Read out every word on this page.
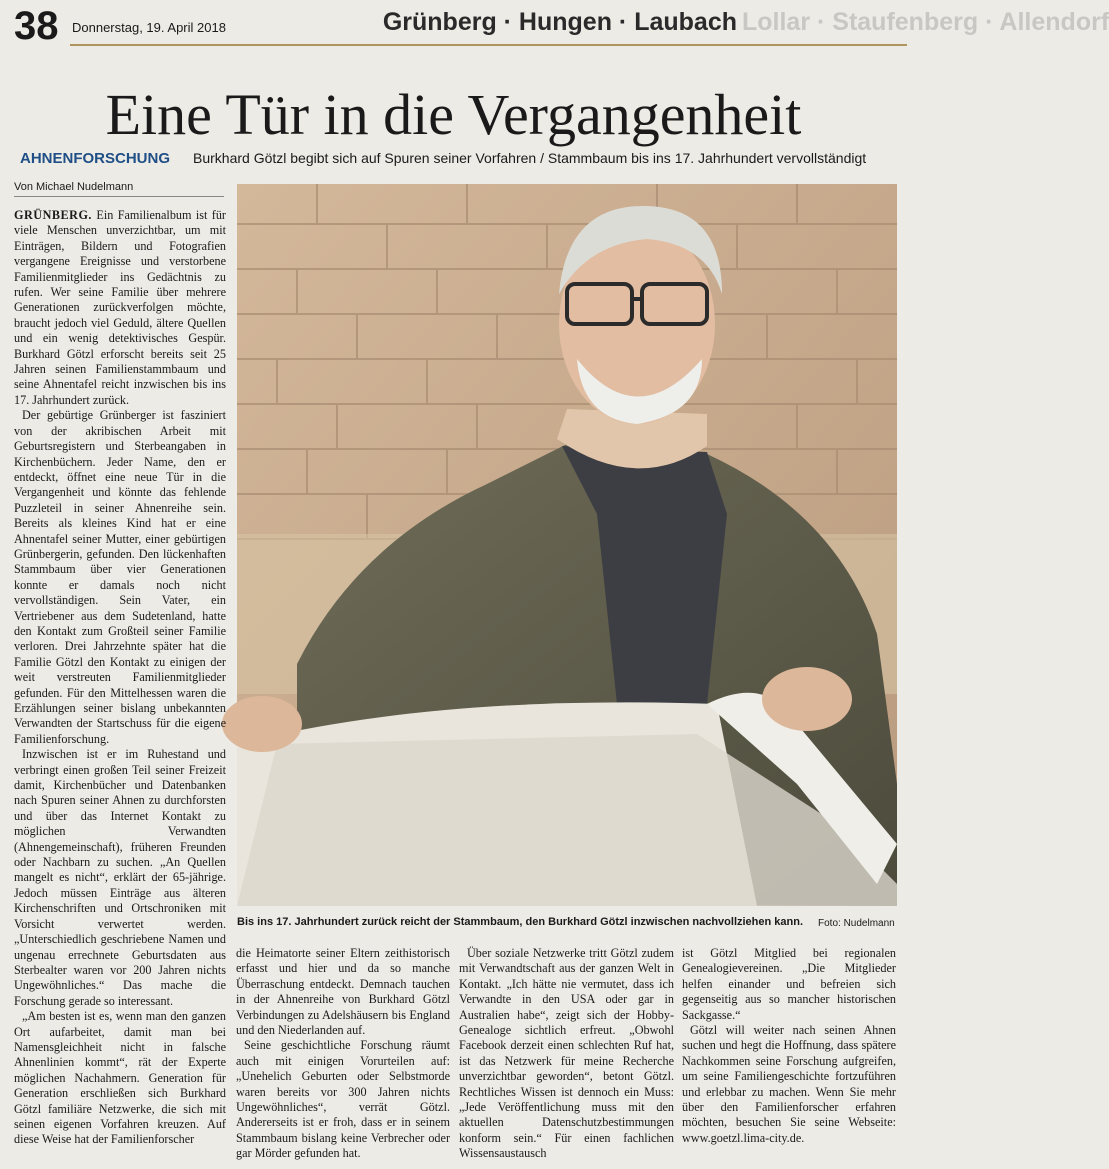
38 Donnerstag, 19. April 2018	Grünberg · Hungen · Laubach Lollar · Staufenberg · Allendorf
Eine Tür in die Vergangenheit
AHNENFORSCHUNG Burkhard Götzl begibt sich auf Spuren seiner Vorfahren / Stammbaum bis ins 17. Jahrhundert vervollständigt
Von Michael Nudelmann
Bis ins 17. Jahrhundert zurück reicht der Stammbaum, den Burkhard Götzl inzwischen nachvollziehen kann. Foto: Nudelmann

GRÜNBERG. Ein Familienalbum ist für viele Menschen unverzichtbar, um mit Einträgen, Bildern und Fotografien vergangene Ereignisse und verstorbene Familienmitglieder ins Gedächtnis zu rufen. Wer seine Familie über mehrere Generationen zurückverfolgen möchte, braucht jedoch viel Geduld, ältere Quellen und ein wenig detektivisches Gespür. Burkhard Götzl erforscht bereits seit 25 Jahren seinen Familienstammbaum und seine Ahnentafel reicht inzwischen bis ins 17. Jahrhundert zurück.

Der gebürtige Grünberger ist fasziniert von der akribischen Arbeit mit Geburtsregistern und Sterbeangaben in Kirchenbüchern. Jeder Name, den er entdeckt, öffnet eine neue Tür in die Vergangenheit und könnte das fehlende Puzzleteil in seiner Ahnenreihe sein. Bereits als kleines Kind hat er eine Ahnentafel seiner Mutter, einer gebürtigen Grünbergerin, gefunden. Den lückenhaften Stammbaum über vier Generationen konnte er damals noch nicht vervollständigen. Sein Vater, ein Vertriebener aus dem Sudetenland, hatte den Kontakt zum Großteil seiner Familie verloren. Drei Jahrzehnte später hat die Familie Götzl den Kontakt zu einigen der weit verstreuten Familienmitglieder gefunden. Für den Mittelhessen waren die Erzählungen seiner bislang unbekannten Verwandten der Startschuss für die eigene Familienforschung.

Inzwischen ist er im Ruhestand und verbringt einen großen Teil seiner Freizeit damit, Kirchenbücher und Datenbanken nach Spuren seiner Ahnen zu durchforsten und über das Internet Kontakt zu möglichen Verwandten (Ahnengemeinschaft), früheren Freunden oder Nachbarn zu suchen. „An Quellen mangelt es nicht“, erklärt der 65-jährige. Jedoch müssen Einträge aus älteren Kirchenschriften und Ortschroniken mit Vorsicht verwertet werden. „Unterschiedlich geschriebene Namen und ungenau errechnete Geburtsdaten aus Sterbealter waren vor 200 Jahren nichts Ungewöhnliches.“ Das mache die Forschung gerade so interessant.

„Am besten ist es, wenn man den ganzen Ort aufarbeitet, damit man bei Namensgleichheit nicht in falsche Ahnenlinien kommt“, rät der Experte möglichen Nachahmern. Generation für Generation erschließen sich Burkhard Götzl familiäre Netzwerke, die sich mit seinen eigenen Vorfahren kreuzen. Auf diese Weise hat der Familienforscher

die Heimatorte seiner Eltern zeithistorisch erfasst und hier und da so manche Überraschung entdeckt. Demnach tauchen in der Ahnenreihe von Burkhard Götzl Verbindungen zu Adelshäusern bis England und den Niederlanden auf.

Seine geschichtliche Forschung räumt auch mit einigen Vorurteilen auf: „Unehelich Geburten oder Selbstmorde waren bereits vor 300 Jahren nichts Ungewöhnliches“, verrät Götzl. Andererseits ist er froh, dass er in seinem Stammbaum bislang keine Verbrecher oder gar Mörder gefunden hat.

Über soziale Netzwerke tritt Götzl zudem mit Verwandtschaft aus der ganzen Welt in Kontakt. „Ich hätte nie vermutet, dass ich Verwandte in den USA oder gar in Australien habe“, zeigt sich der Hobby-Genealoge sichtlich erfreut. „Obwohl Facebook derzeit einen schlechten Ruf hat, ist das Netzwerk für meine Recherche unverzichtbar geworden“, betont Götzl. Rechtliches Wissen ist dennoch ein Muss: „Jede Veröffentlichung muss mit den aktuellen Datenschutzbestimmungen konform sein.“ Für einen fachlichen Wissensaustausch

ist Götzl Mitglied bei regionalen Genealogievereinen. „Die Mitglieder helfen einander und befreien sich gegenseitig aus so mancher historischen Sackgasse.“

Götzl will weiter nach seinen Ahnen suchen und hegt die Hoffnung, dass spätere Nachkommen seine Forschung aufgreifen, um seine Familiengeschichte fortzuführen und erlebbar zu machen. Wenn Sie mehr über den Familienforscher erfahren möchten, besuchen Sie seine Webseite: www.goetzl.lima-city.de.
